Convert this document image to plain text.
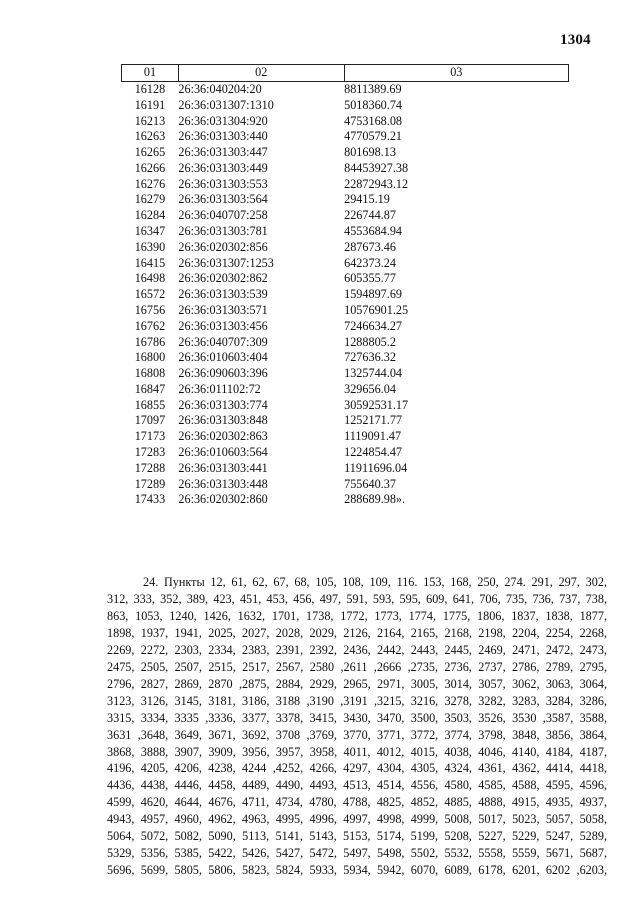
1304
01	02	03
16128	26:36:040204:20	8811389.69
16191	26:36:031307:1310	5018360.74
16213	26:36:031304:920	4753168.08
16263	26:36:031303:440	4770579.21
16265	26:36:031303:447	801698.13
16266	26:36:031303:449	84453927.38
16276	26:36:031303:553	22872943.12
16279	26:36:031303:564	29415.19
16284	26:36:040707:258	226744.87
16347	26:36:031303:781	4553684.94
16390	26:36:020302:856	287673.46
16415	26:36:031307:1253	642373.24
16498	26:36:020302:862	605355.77
16572	26:36:031303:539	1594897.69
16756	26:36:031303:571	10576901.25
16762	26:36:031303:456	7246634.27
16786	26:36:040707:309	1288805.2
16800	26:36:010603:404	727636.32
16808	26:36:090603:396	1325744.04
16847	26:36:011102:72	329656.04
16855	26:36:031303:774	30592531.17
17097	26:36:031303:848	1252171.77
17173	26:36:020302:863	1119091.47
17283	26:36:010603:564	1224854.47
17288	26:36:031303:441	11911696.04
17289	26:36:031303:448	755640.37
17433	26:36:020302:860	288689.98».

24. Пункты 12, 61, 62, 67, 68, 105, 108, 109, 116. 153, 168, 250, 274. 291, 297, 302,

312, 333, 352, 389, 423, 451, 453, 456, 497, 591, 593, 595, 609, 641, 706, 735, 736, 737, 738,

863, 1053, 1240, 1426, 1632, 1701, 1738, 1772, 1773, 1774, 1775, 1806, 1837, 1838, 1877,

1898, 1937, 1941, 2025, 2027, 2028, 2029, 2126, 2164, 2165, 2168, 2198, 2204, 2254, 2268,

2269, 2272, 2303, 2334, 2383, 2391, 2392, 2436, 2442, 2443, 2445, 2469, 2471, 2472, 2473,

2475, 2505, 2507, 2515, 2517, 2567, 2580 ,2611 ,2666 ,2735, 2736, 2737, 2786, 2789, 2795,

2796, 2827, 2869, 2870 ,2875, 2884, 2929, 2965, 2971, 3005, 3014, 3057, 3062, 3063, 3064,

3123, 3126, 3145, 3181, 3186, 3188 ,3190 ,3191 ,3215, 3216, 3278, 3282, 3283, 3284, 3286,

3315, 3334, 3335 ,3336, 3377, 3378, 3415, 3430, 3470, 3500, 3503, 3526, 3530 ,3587, 3588,

3631 ,3648, 3649, 3671, 3692, 3708 ,3769, 3770, 3771, 3772, 3774, 3798, 3848, 3856, 3864,

3868, 3888, 3907, 3909, 3956, 3957, 3958, 4011, 4012, 4015, 4038, 4046, 4140, 4184, 4187,

4196, 4205, 4206, 4238, 4244 ,4252, 4266, 4297, 4304, 4305, 4324, 4361, 4362, 4414, 4418,

4436, 4438, 4446, 4458, 4489, 4490, 4493, 4513, 4514, 4556, 4580, 4585, 4588, 4595, 4596,

4599, 4620, 4644, 4676, 4711, 4734, 4780, 4788, 4825, 4852, 4885, 4888, 4915, 4935, 4937,

4943, 4957, 4960, 4962, 4963, 4995, 4996, 4997, 4998, 4999, 5008, 5017, 5023, 5057, 5058,

5064, 5072, 5082, 5090, 5113, 5141, 5143, 5153, 5174, 5199, 5208, 5227, 5229, 5247, 5289,

5329, 5356, 5385, 5422, 5426, 5427, 5472, 5497, 5498, 5502, 5532, 5558, 5559, 5671, 5687,

5696, 5699, 5805, 5806, 5823, 5824, 5933, 5934, 5942, 6070, 6089, 6178, 6201, 6202 ,6203,
